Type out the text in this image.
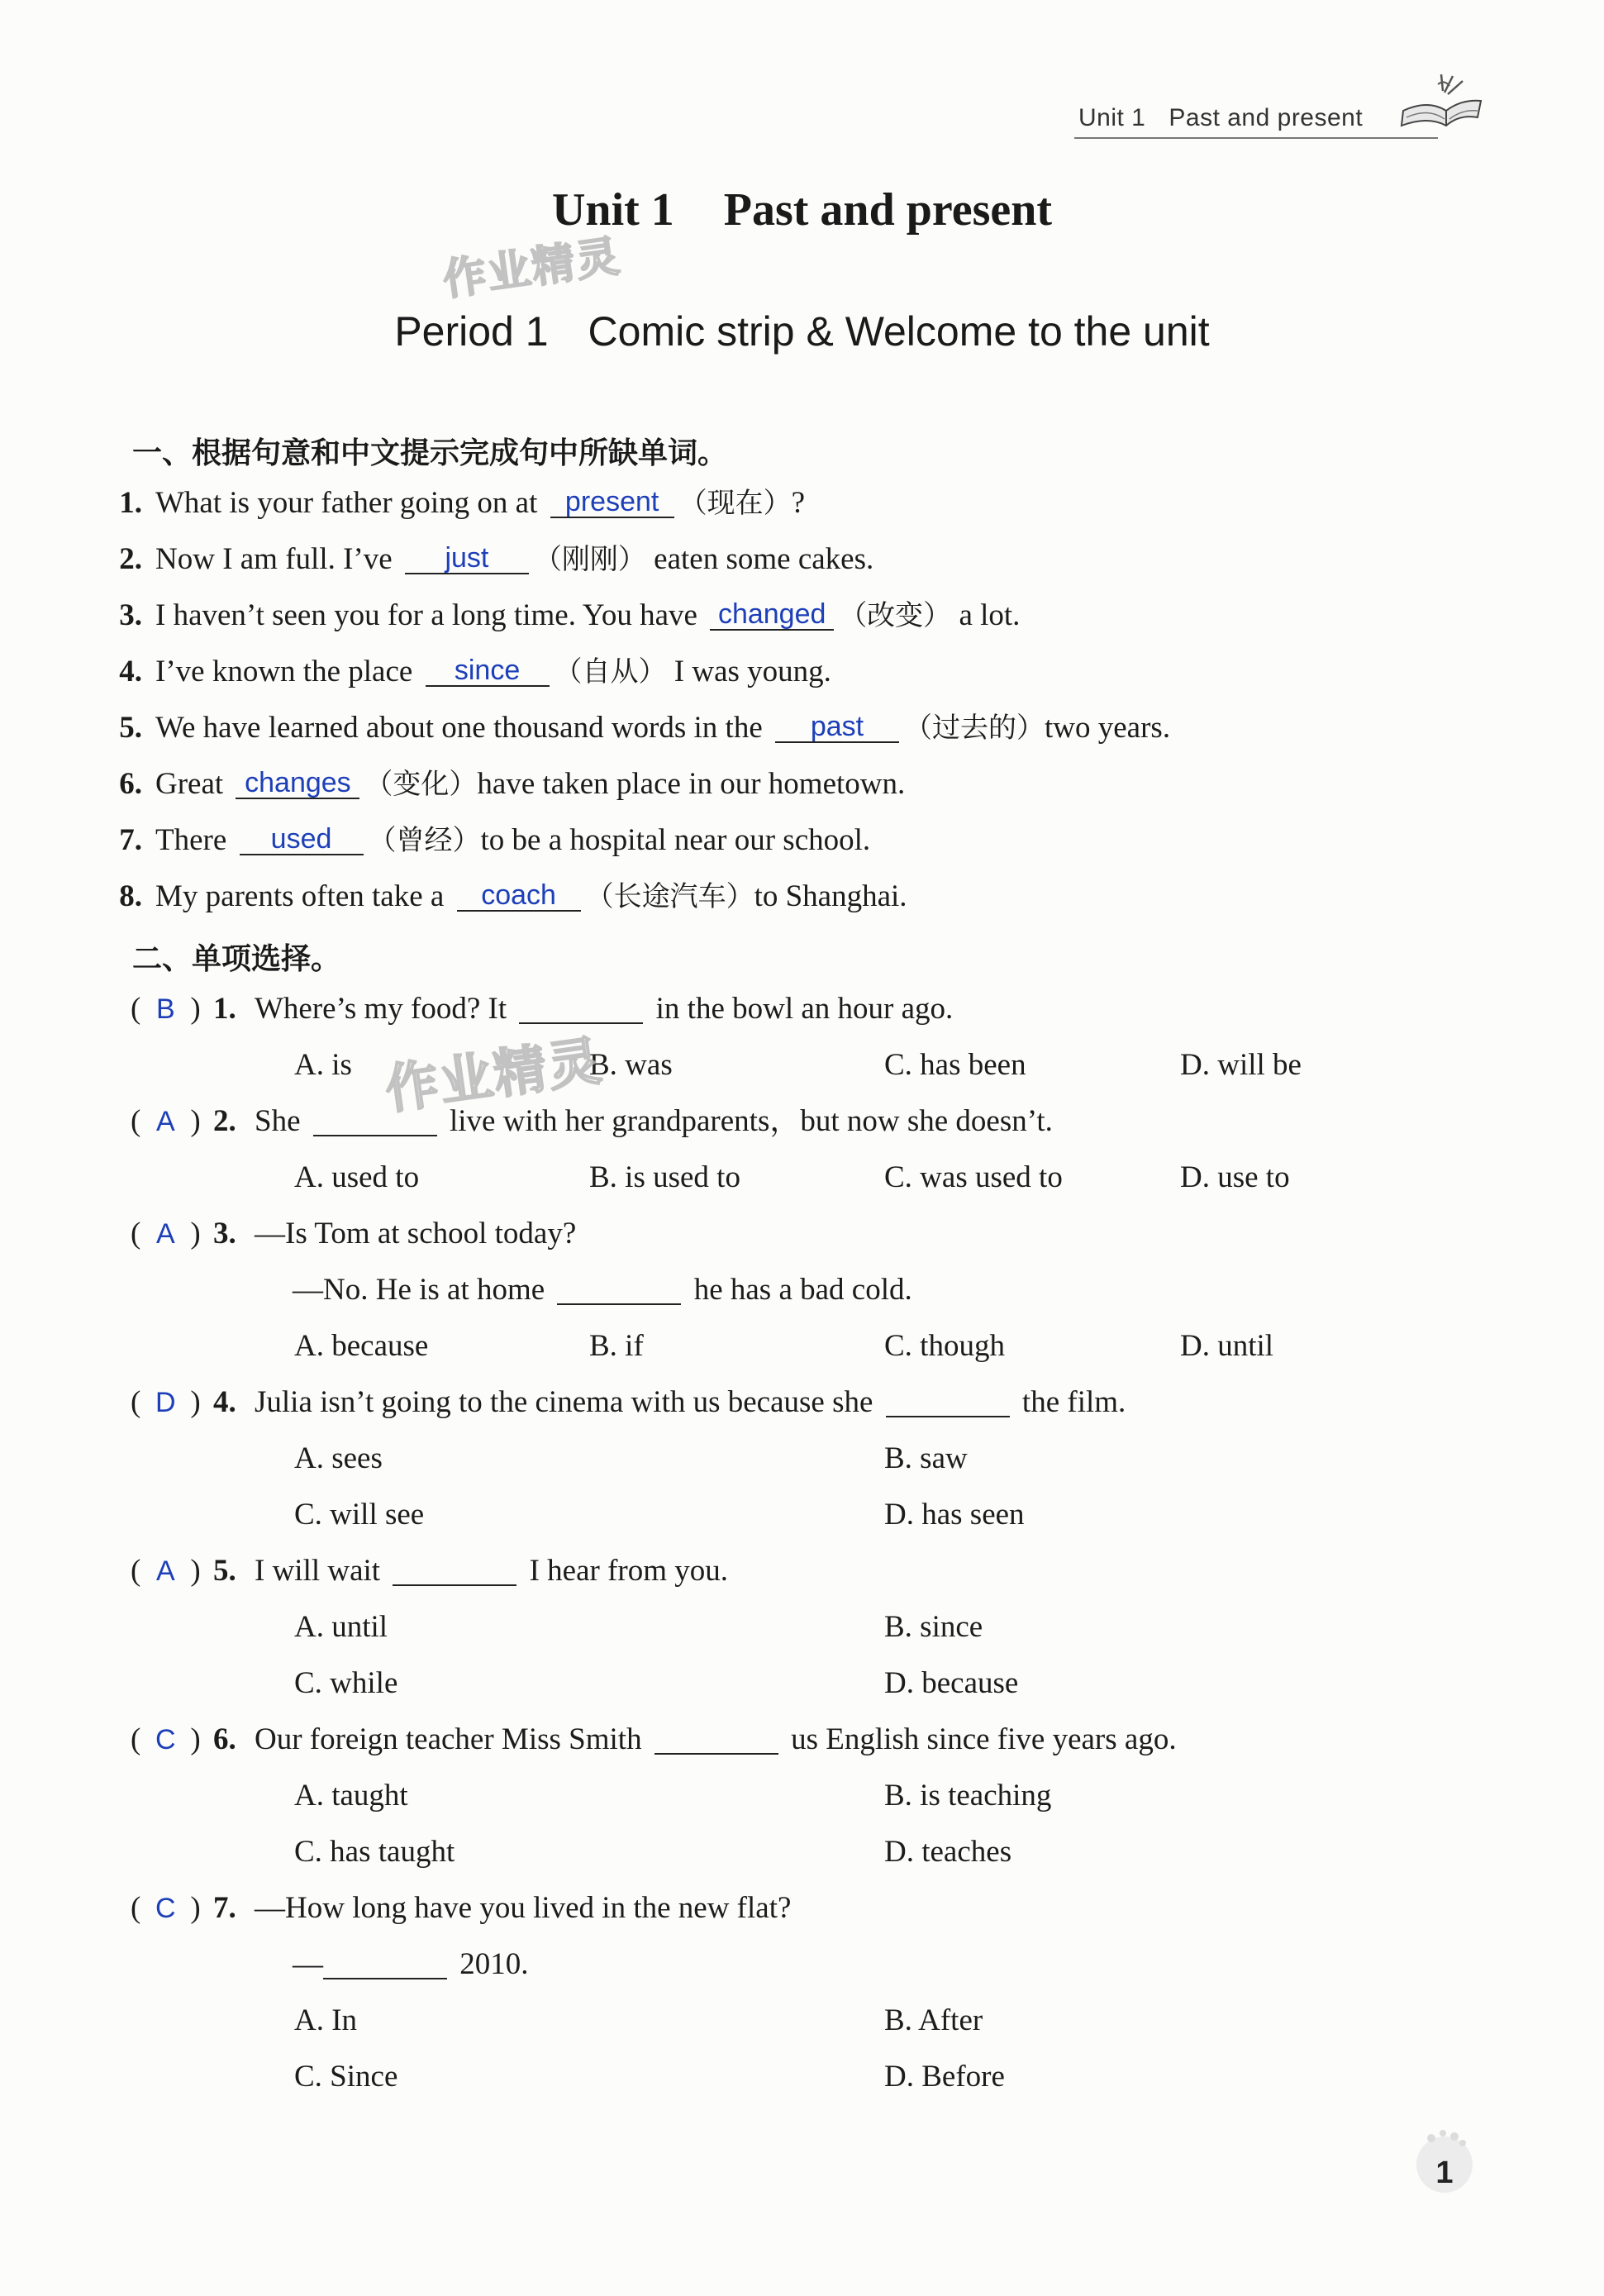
Unit 1 Past and present
Unit 1 Past and present
作业精灵
Period 1 Comic strip & Welcome to the unit
一、根据句意和中文提示完成句中所缺单词。
1. What is your father going on at present （现在）?
2. Now I am full. I’ve just （刚刚） eaten some cakes.
3. I haven’t seen you for a long time. You have changed （改变） a lot.
4. I’ve known the place since （自从） I was young.
5. We have learned about one thousand words in the past （过去的）two years.
6. Great changes （变化）have taken place in our hometown.
7. There used （曾经）to be a hospital near our school.
8. My parents often take a coach （长途汽车）to Shanghai.
二、单项选择。
( B ) 1. Where’s my food? It	in the bowl an hour ago.
A. is	B. was	C. has been	D. will be
作业精灵
( A ) 2. She	live with her grandparents，but now she doesn’t.
A. used to	B. is used to	C. was used to	D. use to
( A ) 3. —Is Tom at school today?
—No. He is at home	he has a bad cold.
A. because	B. if	C. though	D. until
( D ) 4. Julia isn’t going to the cinema with us because she	the film.
A. sees	B. saw
C. will see	D. has seen
( A ) 5. I will wait	I hear from you.
A. until	B. since
C. while	D. because
( C ) 6. Our foreign teacher Miss Smith	us English since five years ago.
A. taught	B. is teaching
C. has taught	D. teaches
( C ) 7. —How long have you lived in the new flat?
—	2010.
A. In	B. After
C. Since	D. Before
1
